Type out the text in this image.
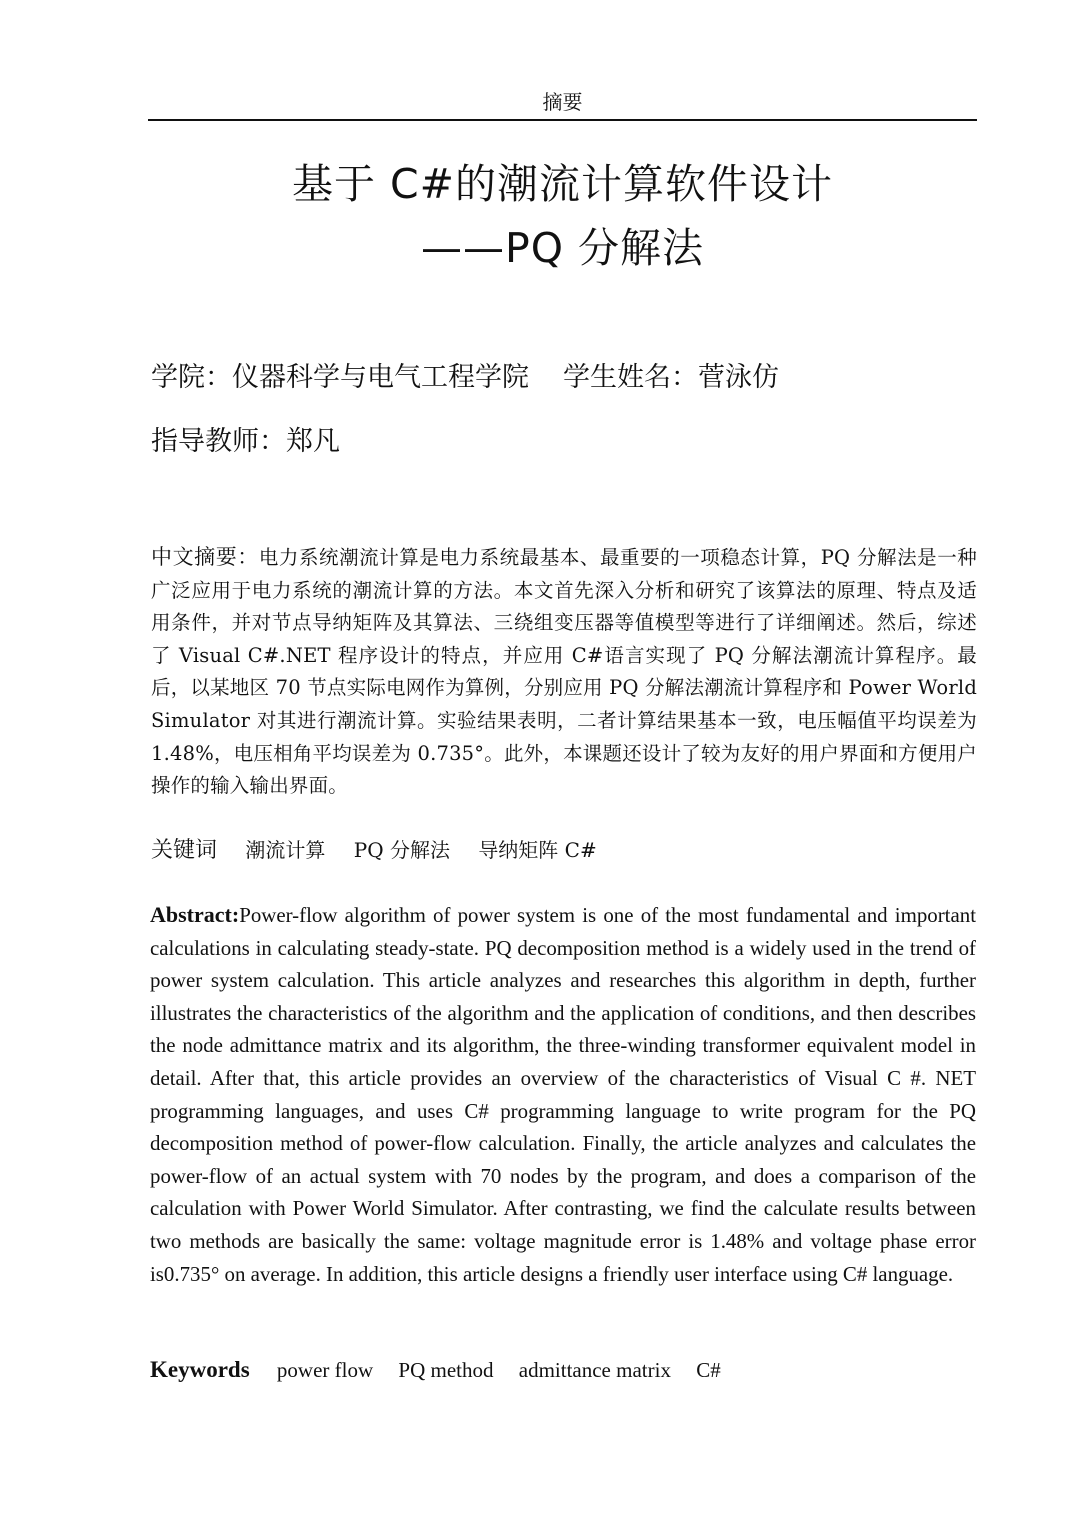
摘要
基于 C#的潮流计算软件设计
——PQ 分解法
学院：仪器科学与电气工程学院 学生姓名：菅泳仿
指导教师：郑凡
中文摘要：电力系统潮流计算是电力系统最基本、最重要的一项稳态计算，PQ 分解法是一种广泛应用于电力系统的潮流计算的方法。本文首先深入分析和研究了该算法的原理、特点及适用条件，并对节点导纳矩阵及其算法、三绕组变压器等值模型等进行了详细阐述。然后，综述了 Visual C#.NET 程序设计的特点，并应用 C#语言实现了 PQ 分解法潮流计算程序。最后，以某地区 70 节点实际电网作为算例，分别应用 PQ 分解法潮流计算程序和 Power World Simulator 对其进行潮流计算。实验结果表明，二者计算结果基本一致，电压幅值平均误差为 1.48%，电压相角平均误差为 0.735°。此外，本课题还设计了较为友好的用户界面和方便用户操作的输入输出界面。
关键词 潮流计算 PQ 分解法 导纳矩阵 C#
Abstract:Power-flow algorithm of power system is one of the most fundamental and important calculations in calculating steady-state. PQ decomposition method is a widely used in the trend of power system calculation. This article analyzes and researches this algorithm in depth, further illustrates the characteristics of the algorithm and the application of conditions, and then describes the node admittance matrix and its algorithm, the three-winding transformer equivalent model in detail. After that, this article provides an overview of the characteristics of Visual C #. NET programming languages, and uses C# programming language to write program for the PQ decomposition method of power-flow calculation. Finally, the article analyzes and calculates the power-flow of an actual system with 70 nodes by the program, and does a comparison of the calculation with Power World Simulator. After contrasting, we find the calculate results between two methods are basically the same: voltage magnitude error is 1.48% and voltage phase error is0.735° on average. In addition, this article designs a friendly user interface using C# language.
Keywords power flow PQ method admittance matrix C#
